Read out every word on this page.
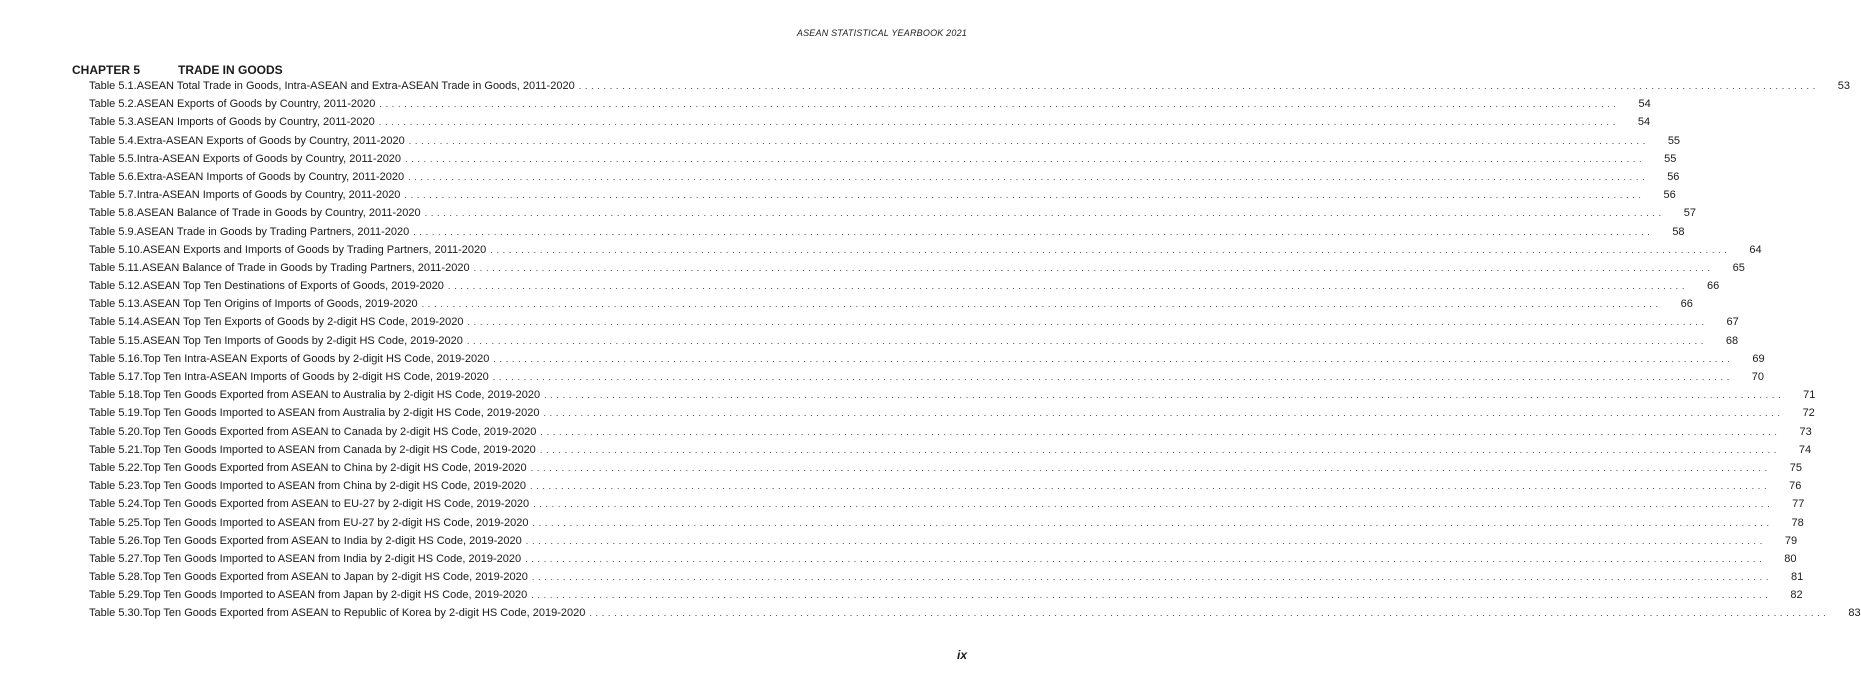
ASEAN STATISTICAL YEARBOOK 2021
CHAPTER 5	TRADE IN GOODS
Table 5.1. ASEAN Total Trade in Goods, Intra-ASEAN and Extra-ASEAN Trade in Goods, 2011-2020 . . . . . . . . . . . . . . . . . . . . . . . . . . . . . . . . . . . . . . . . . . . . . . . . . . . . . . . . . . . . . . . . . . . . . . . . . . . . . . . . . . . . . . . . . . . . . . . . . . . . . . . . . . . . . . . . . . . . . . . . . . . . . . . . . . . . . . . . . . . . . . . . . . . . . . . . . . . . . . . . . . . . . . . . . . . . . . . . . . . . . . . . . . . . . . . . . . . . . . . . 53
Table 5.2. ASEAN Exports of Goods by Country, 2011-2020 . . . . . . . . . . . . . . . . . . . . . . . . . . . . . . . . . . . . . . . . . . . . . . . . . . . . . . . . . . . . . . . . . . . . . . . . . . . . . . . . . . . . . . . . . . . . . . . . . . . . . . . . . . . . . . . . . . . . . . . . . . . . . . . . . . . . . . . . . . . . . . . . . . . . . . . . . . . . . . . . . . . . . . . . . . . . . . . . . . . . . . . . . . . . . . . . . . . . . . . . 54
Table 5.3. ASEAN Imports of Goods by Country, 2011-2020 . . . . . . . . . . . . . . . . . . . . . . . . . . . . . . . . . . . . . . . . . . . . . . . . . . . . . . . . . . . . . . . . . . . . . . . . . . . . . . . . . . . . . . . . . . . . . . . . . . . . . . . . . . . . . . . . . . . . . . . . . . . . . . . . . . . . . . . . . . . . . . . . . . . . . . . . . . . . . . . . . . . . . . . . . . . . . . . . . . . . . . . . . . . . . . . . . . . . . . . . 54
Table 5.4. Extra-ASEAN Exports of Goods by Country, 2011-2020 . . . . . . . . . . . . . . . . . . . . . . . . . . . . . . . . . . . . . . . . . . . . . . . . . . . . . . . . . . . . . . . . . . . . . . . . . . . . . . . . . . . . . . . . . . . . . . . . . . . . . . . . . . . . . . . . . . . . . . . . . . . . . . . . . . . . . . . . . . . . . . . . . . . . . . . . . . . . . . . . . . . . . . . . . . . . . . . . . . . . . . . . . . . . . . . . . . . . . . . . 55
Table 5.5. Intra-ASEAN Exports of Goods by Country, 2011-2020 . . . . . . . . . . . . . . . . . . . . . . . . . . . . . . . . . . . . . . . . . . . . . . . . . . . . . . . . . . . . . . . . . . . . . . . . . . . . . . . . . . . . . . . . . . . . . . . . . . . . . . . . . . . . . . . . . . . . . . . . . . . . . . . . . . . . . . . . . . . . . . . . . . . . . . . . . . . . . . . . . . . . . . . . . . . . . . . . . . . . . . . . . . . . . . . . . . . . . . . . 55
Table 5.6. Extra-ASEAN Imports of Goods by Country, 2011-2020 . . . . . . . . . . . . . . . . . . . . . . . . . . . . . . . . . . . . . . . . . . . . . . . . . . . . . . . . . . . . . . . . . . . . . . . . . . . . . . . . . . . . . . . . . . . . . . . . . . . . . . . . . . . . . . . . . . . . . . . . . . . . . . . . . . . . . . . . . . . . . . . . . . . . . . . . . . . . . . . . . . . . . . . . . . . . . . . . . . . . . . . . . . . . . . . . . . . . . . . . 56
Table 5.7. Intra-ASEAN Imports of Goods by Country, 2011-2020 . . . . . . . . . . . . . . . . . . . . . . . . . . . . . . . . . . . . . . . . . . . . . . . . . . . . . . . . . . . . . . . . . . . . . . . . . . . . . . . . . . . . . . . . . . . . . . . . . . . . . . . . . . . . . . . . . . . . . . . . . . . . . . . . . . . . . . . . . . . . . . . . . . . . . . . . . . . . . . . . . . . . . . . . . . . . . . . . . . . . . . . . . . . . . . . . . . . . . . . . 56
Table 5.8. ASEAN Balance of Trade in Goods by Country, 2011-2020 . . . . . . . . . . . . . . . . . . . . . . . . . . . . . . . . . . . . . . . . . . . . . . . . . . . . . . . . . . . . . . . . . . . . . . . . . . . . . . . . . . . . . . . . . . . . . . . . . . . . . . . . . . . . . . . . . . . . . . . . . . . . . . . . . . . . . . . . . . . . . . . . . . . . . . . . . . . . . . . . . . . . . . . . . . . . . . . . . . . . . . . . . . . . . . . . . . . . . . . . 57
Table 5.9. ASEAN Trade in Goods by Trading Partners, 2011-2020 . . . . . . . . . . . . . . . . . . . . . . . . . . . . . . . . . . . . . . . . . . . . . . . . . . . . . . . . . . . . . . . . . . . . . . . . . . . . . . . . . . . . . . . . . . . . . . . . . . . . . . . . . . . . . . . . . . . . . . . . . . . . . . . . . . . . . . . . . . . . . . . . . . . . . . . . . . . . . . . . . . . . . . . . . . . . . . . . . . . . . . . . . . . . . . . . . . . . . . . . 58
Table 5.10. ASEAN Exports and Imports of Goods by Trading Partners, 2011-2020 . . . . . . . . . . . . . . . . . . . . . . . . . . . . . . . . . . . . . . . . . . . . . . . . . . . . . . . . . . . . . . . . . . . . . . . . . . . . . . . . . . . . . . . . . . . . . . . . . . . . . . . . . . . . . . . . . . . . . . . . . . . . . . . . . . . . . . . . . . . . . . . . . . . . . . . . . . . . . . . . . . . . . . . . . . . . . . . . . . . . . . . . . . . . . . . . . . . . . . . . 64
Table 5.11. ASEAN Balance of Trade in Goods by Trading Partners, 2011-2020 . . . . . . . . . . . . . . . . . . . . . . . . . . . . . . . . . . . . . . . . . . . . . . . . . . . . . . . . . . . . . . . . . . . . . . . . . . . . . . . . . . . . . . . . . . . . . . . . . . . . . . . . . . . . . . . . . . . . . . . . . . . . . . . . . . . . . . . . . . . . . . . . . . . . . . . . . . . . . . . . . . . . . . . . . . . . . . . . . . . . . . . . . . . . . . . . . . . . . . . . 65
Table 5.12. ASEAN Top Ten Destinations of Exports of Goods, 2019-2020 . . . . . . . . . . . . . . . . . . . . . . . . . . . . . . . . . . . . . . . . . . . . . . . . . . . . . . . . . . . . . . . . . . . . . . . . . . . . . . . . . . . . . . . . . . . . . . . . . . . . . . . . . . . . . . . . . . . . . . . . . . . . . . . . . . . . . . . . . . . . . . . . . . . . . . . . . . . . . . . . . . . . . . . . . . . . . . . . . . . . . . . . . . . . . . . . . . . . . . . . 66
Table 5.13. ASEAN Top Ten Origins of Imports of Goods, 2019-2020 . . . . . . . . . . . . . . . . . . . . . . . . . . . . . . . . . . . . . . . . . . . . . . . . . . . . . . . . . . . . . . . . . . . . . . . . . . . . . . . . . . . . . . . . . . . . . . . . . . . . . . . . . . . . . . . . . . . . . . . . . . . . . . . . . . . . . . . . . . . . . . . . . . . . . . . . . . . . . . . . . . . . . . . . . . . . . . . . . . . . . . . . . . . . . . . . . . . . . . . . 66
Table 5.14. ASEAN Top Ten Exports of Goods by 2-digit HS Code, 2019-2020 . . . . . . . . . . . . . . . . . . . . . . . . . . . . . . . . . . . . . . . . . . . . . . . . . . . . . . . . . . . . . . . . . . . . . . . . . . . . . . . . . . . . . . . . . . . . . . . . . . . . . . . . . . . . . . . . . . . . . . . . . . . . . . . . . . . . . . . . . . . . . . . . . . . . . . . . . . . . . . . . . . . . . . . . . . . . . . . . . . . . . . . . . . . . . . . . . . . . . . . . 67
Table 5.15. ASEAN Top Ten Imports of Goods by 2-digit HS Code, 2019-2020 . . . . . . . . . . . . . . . . . . . . . . . . . . . . . . . . . . . . . . . . . . . . . . . . . . . . . . . . . . . . . . . . . . . . . . . . . . . . . . . . . . . . . . . . . . . . . . . . . . . . . . . . . . . . . . . . . . . . . . . . . . . . . . . . . . . . . . . . . . . . . . . . . . . . . . . . . . . . . . . . . . . . . . . . . . . . . . . . . . . . . . . . . . . . . . . . . . . . . . . . 68
Table 5.16. Top Ten Intra-ASEAN Exports of Goods by 2-digit HS Code, 2019-2020 . . . . . . . . . . . . . . . . . . . . . . . . . . . . . . . . . . . . . . . . . . . . . . . . . . . . . . . . . . . . . . . . . . . . . . . . . . . . . . . . . . . . . . . . . . . . . . . . . . . . . . . . . . . . . . . . . . . . . . . . . . . . . . . . . . . . . . . . . . . . . . . . . . . . . . . . . . . . . . . . . . . . . . . . . . . . . . . . . . . . . . . . . . . . . . . . . . . . . . . . 69
Table 5.17. Top Ten Intra-ASEAN Imports of Goods by 2-digit HS Code, 2019-2020 . . . . . . . . . . . . . . . . . . . . . . . . . . . . . . . . . . . . . . . . . . . . . . . . . . . . . . . . . . . . . . . . . . . . . . . . . . . . . . . . . . . . . . . . . . . . . . . . . . . . . . . . . . . . . . . . . . . . . . . . . . . . . . . . . . . . . . . . . . . . . . . . . . . . . . . . . . . . . . . . . . . . . . . . . . . . . . . . . . . . . . . . . . . . . . . . . . . . . . . . 70
Table 5.18. Top Ten Goods Exported from ASEAN to Australia by 2-digit HS Code, 2019-2020 . . . . . . . . . . . . . . . . . . . . . . . . . . . . . . . . . . . . . . . . . . . . . . . . . . . . . . . . . . . . . . . . . . . . . . . . . . . . . . . . . . . . . . . . . . . . . . . . . . . . . . . . . . . . . . . . . . . . . . . . . . . . . . . . . . . . . . . . . . . . . . . . . . . . . . . . . . . . . . . . . . . . . . . . . . . . . . . . . . . . . . . . . . . . . . . . . . . . . . . . 71
Table 5.19. Top Ten Goods Imported to ASEAN from Australia by 2-digit HS Code, 2019-2020 . . . . . . . . . . . . . . . . . . . . . . . . . . . . . . . . . . . . . . . . . . . . . . . . . . . . . . . . . . . . . . . . . . . . . . . . . . . . . . . . . . . . . . . . . . . . . . . . . . . . . . . . . . . . . . . . . . . . . . . . . . . . . . . . . . . . . . . . . . . . . . . . . . . . . . . . . . . . . . . . . . . . . . . . . . . . . . . . . . . . . . . . . . . . . . . . . . . . . . . . 72
Table 5.20. Top Ten Goods Exported from ASEAN to Canada by 2-digit HS Code, 2019-2020 . . . . . . . . . . . . . . . . . . . . . . . . . . . . . . . . . . . . . . . . . . . . . . . . . . . . . . . . . . . . . . . . . . . . . . . . . . . . . . . . . . . . . . . . . . . . . . . . . . . . . . . . . . . . . . . . . . . . . . . . . . . . . . . . . . . . . . . . . . . . . . . . . . . . . . . . . . . . . . . . . . . . . . . . . . . . . . . . . . . . . . . . . . . . . . . . . . . . . . . . 73
Table 5.21. Top Ten Goods Imported to ASEAN from Canada by 2-digit HS Code, 2019-2020 . . . . . . . . . . . . . . . . . . . . . . . . . . . . . . . . . . . . . . . . . . . . . . . . . . . . . . . . . . . . . . . . . . . . . . . . . . . . . . . . . . . . . . . . . . . . . . . . . . . . . . . . . . . . . . . . . . . . . . . . . . . . . . . . . . . . . . . . . . . . . . . . . . . . . . . . . . . . . . . . . . . . . . . . . . . . . . . . . . . . . . . . . . . . . . . . . . . . . . . . 74
Table 5.22. Top Ten Goods Exported from ASEAN to China by 2-digit HS Code, 2019-2020 . . . . . . . . . . . . . . . . . . . . . . . . . . . . . . . . . . . . . . . . . . . . . . . . . . . . . . . . . . . . . . . . . . . . . . . . . . . . . . . . . . . . . . . . . . . . . . . . . . . . . . . . . . . . . . . . . . . . . . . . . . . . . . . . . . . . . . . . . . . . . . . . . . . . . . . . . . . . . . . . . . . . . . . . . . . . . . . . . . . . . . . . . . . . . . . . . . . . . . . . 75
Table 5.23. Top Ten Goods Imported to ASEAN from China by 2-digit HS Code, 2019-2020 . . . . . . . . . . . . . . . . . . . . . . . . . . . . . . . . . . . . . . . . . . . . . . . . . . . . . . . . . . . . . . . . . . . . . . . . . . . . . . . . . . . . . . . . . . . . . . . . . . . . . . . . . . . . . . . . . . . . . . . . . . . . . . . . . . . . . . . . . . . . . . . . . . . . . . . . . . . . . . . . . . . . . . . . . . . . . . . . . . . . . . . . . . . . . . . . . . . . . . . . 76
Table 5.24. Top Ten Goods Exported from ASEAN to EU-27 by 2-digit HS Code, 2019-2020 . . . . . . . . . . . . . . . . . . . . . . . . . . . . . . . . . . . . . . . . . . . . . . . . . . . . . . . . . . . . . . . . . . . . . . . . . . . . . . . . . . . . . . . . . . . . . . . . . . . . . . . . . . . . . . . . . . . . . . . . . . . . . . . . . . . . . . . . . . . . . . . . . . . . . . . . . . . . . . . . . . . . . . . . . . . . . . . . . . . . . . . . . . . . . . . . . . . . . . . . 77
Table 5.25. Top Ten Goods Imported to ASEAN from EU-27 by 2-digit HS Code, 2019-2020 . . . . . . . . . . . . . . . . . . . . . . . . . . . . . . . . . . . . . . . . . . . . . . . . . . . . . . . . . . . . . . . . . . . . . . . . . . . . . . . . . . . . . . . . . . . . . . . . . . . . . . . . . . . . . . . . . . . . . . . . . . . . . . . . . . . . . . . . . . . . . . . . . . . . . . . . . . . . . . . . . . . . . . . . . . . . . . . . . . . . . . . . . . . . . . . . . . . . . . . . 78
Table 5.26. Top Ten Goods Exported from ASEAN to India by 2-digit HS Code, 2019-2020 . . . . . . . . . . . . . . . . . . . . . . . . . . . . . . . . . . . . . . . . . . . . . . . . . . . . . . . . . . . . . . . . . . . . . . . . . . . . . . . . . . . . . . . . . . . . . . . . . . . . . . . . . . . . . . . . . . . . . . . . . . . . . . . . . . . . . . . . . . . . . . . . . . . . . . . . . . . . . . . . . . . . . . . . . . . . . . . . . . . . . . . . . . . . . . . . . . . . . . . . 79
Table 5.27. Top Ten Goods Imported to ASEAN from India by 2-digit HS Code, 2019-2020 . . . . . . . . . . . . . . . . . . . . . . . . . . . . . . . . . . . . . . . . . . . . . . . . . . . . . . . . . . . . . . . . . . . . . . . . . . . . . . . . . . . . . . . . . . . . . . . . . . . . . . . . . . . . . . . . . . . . . . . . . . . . . . . . . . . . . . . . . . . . . . . . . . . . . . . . . . . . . . . . . . . . . . . . . . . . . . . . . . . . . . . . . . . . . . . . . . . . . . . . 80
Table 5.28. Top Ten Goods Exported from ASEAN to Japan by 2-digit HS Code, 2019-2020 . . . . . . . . . . . . . . . . . . . . . . . . . . . . . . . . . . . . . . . . . . . . . . . . . . . . . . . . . . . . . . . . . . . . . . . . . . . . . . . . . . . . . . . . . . . . . . . . . . . . . . . . . . . . . . . . . . . . . . . . . . . . . . . . . . . . . . . . . . . . . . . . . . . . . . . . . . . . . . . . . . . . . . . . . . . . . . . . . . . . . . . . . . . . . . . . . . . . . . . . 81
Table 5.29. Top Ten Goods Imported to ASEAN from Japan by 2-digit HS Code, 2019-2020 . . . . . . . . . . . . . . . . . . . . . . . . . . . . . . . . . . . . . . . . . . . . . . . . . . . . . . . . . . . . . . . . . . . . . . . . . . . . . . . . . . . . . . . . . . . . . . . . . . . . . . . . . . . . . . . . . . . . . . . . . . . . . . . . . . . . . . . . . . . . . . . . . . . . . . . . . . . . . . . . . . . . . . . . . . . . . . . . . . . . . . . . . . . . . . . . . . . . . . . . 82
Table 5.30. Top Ten Goods Exported from ASEAN to Republic of Korea by 2-digit HS Code, 2019-2020 . . . . . . . . . . . . . . . . . . . . . . . . . . . . . . . . . . . . . . . . . . . . . . . . . . . . . . . . . . . . . . . . . . . . . . . . . . . . . . . . . . . . . . . . . . . . . . . . . . . . . . . . . . . . . . . . . . . . . . . . . . . . . . . . . . . . . . . . . . . . . . . . . . . . . . . . . . . . . . . . . . . . . . . . . . . . . . . . . . . . . . . . . . . . . . . . . . . . . . . . 83
ix
